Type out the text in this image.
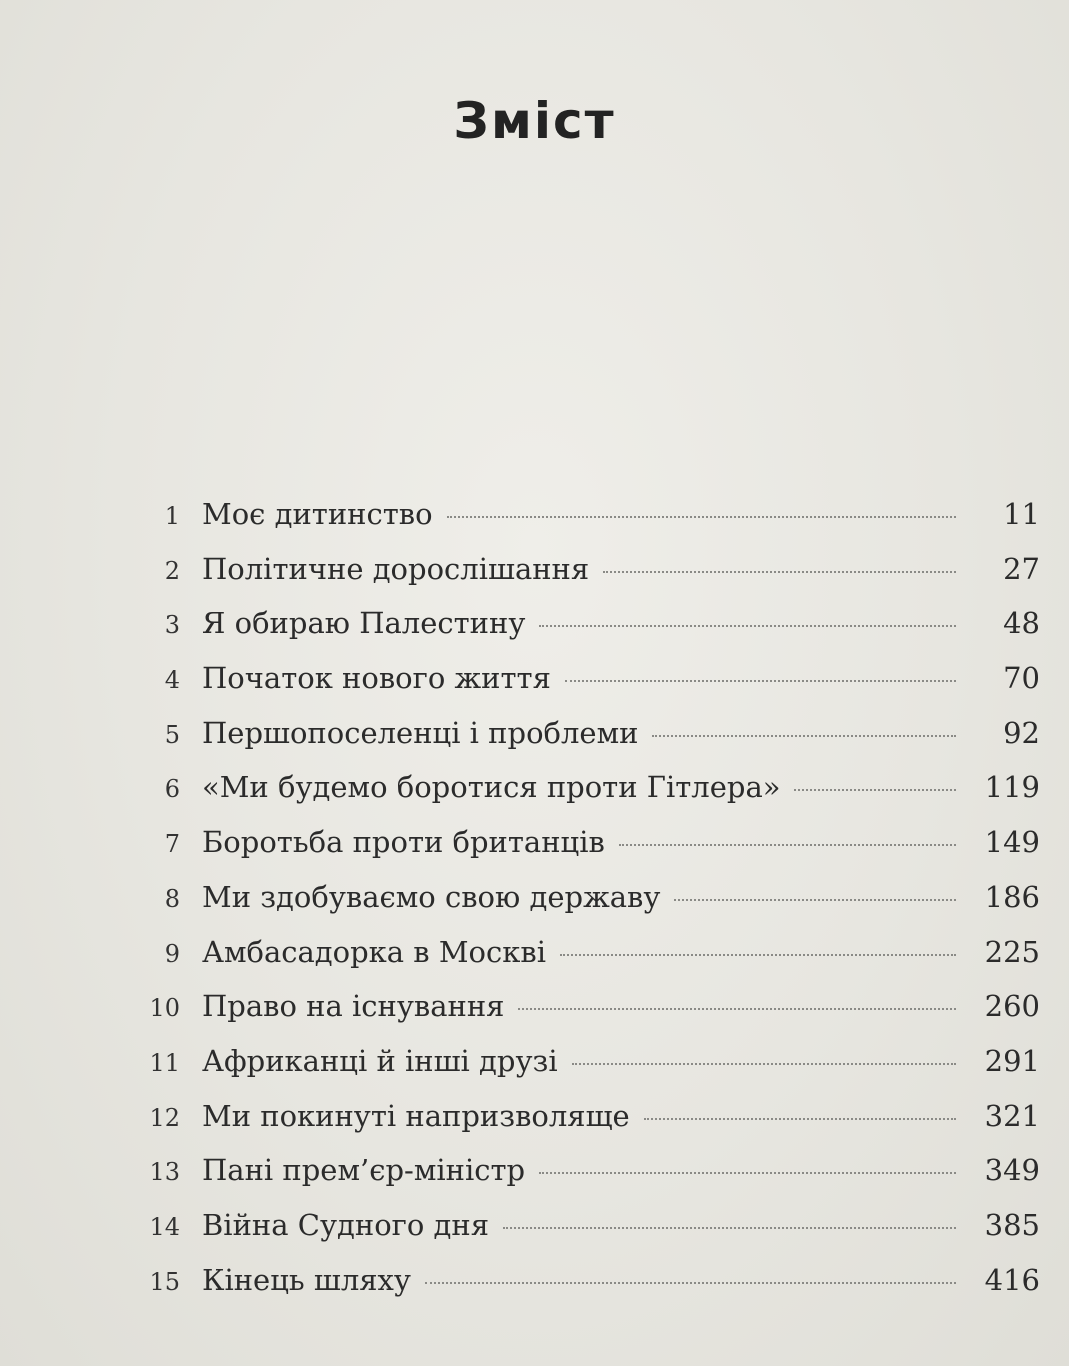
Зміст
1 Моє дитинство	11
2 Політичне дорослішання	27
3 Я обираю Палестину	48
4 Початок нового життя	70
5 Першопоселенці і проблеми	92
6 «Ми будемо боротися проти Гітлера»	119
7 Боротьба проти британців	149
8 Ми здобуваємо свою державу	186
9 Амбасадорка в Москві	225
10 Право на існування	260
11 Африканці й інші друзі	291
12 Ми покинуті напризволяще	321
13 Пані прем’єр-міністр	349
14 Війна Судного дня	385
15 Кінець шляху	416
